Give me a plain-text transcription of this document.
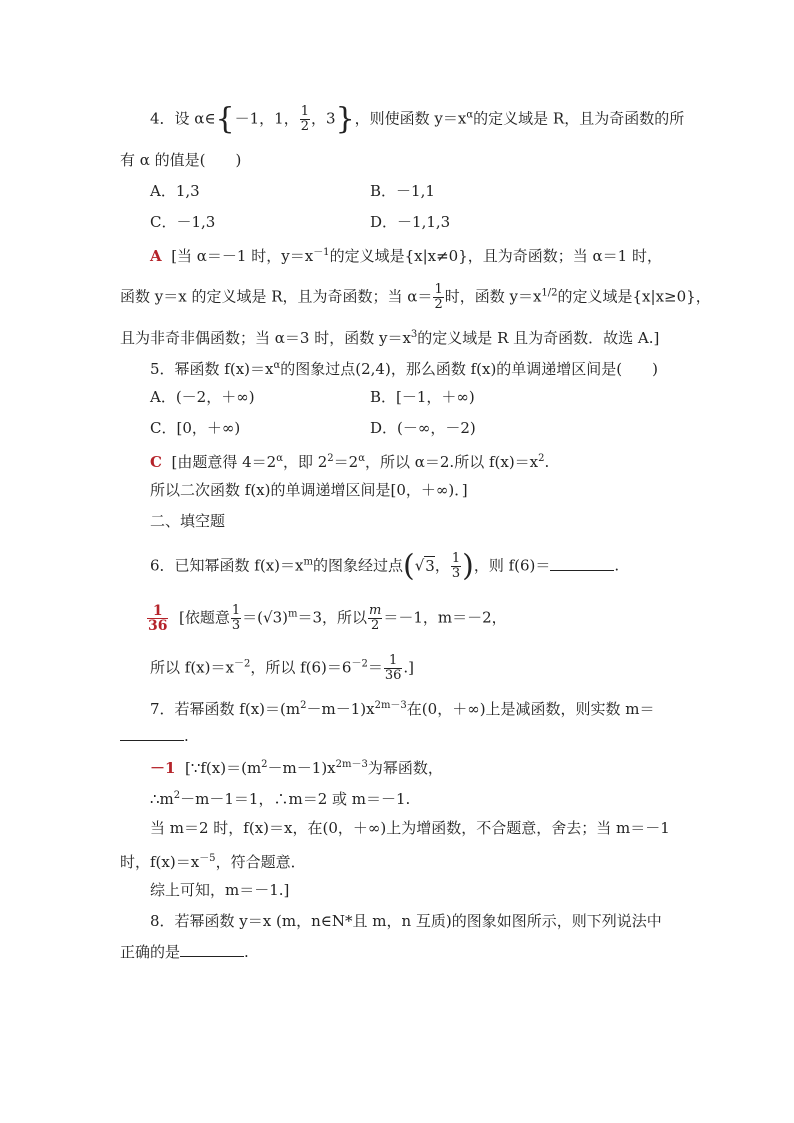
4．设 α∈{－1，1， $\frac{1}{2}$ ，3}，则使函数 $y=x^\alpha$的定义域是 R，且为奇函数的所
有 α 的值是(　　)
A．1,3	B．－1,1
C．－1,3	D．－1,1,3
A [当 α＝－1 时，$y=x^{-1}$的定义域是{x|x≠0}，且为奇函数；当 α＝1 时，
函数 y＝x 的定义域是 R，且为奇函数；当 $\alpha= \frac{1}{2}$ 时，函数 $y=x^{1/2}$的定义域是{x|x≥0}，
且为非奇非偶函数；当 α＝3 时，函数 $y=x^3$的定义域是 R 且为奇函数．故选 A.]
5．幂函数 $f(x)=x^\alpha$的图象过点(2,4)，那么函数 f(x)的单调递增区间是(　　)
A．(－2，＋∞)	B．[－1，＋∞)
C．[0，＋∞)	D．(－∞，－2)
C [由题意得 $4=2^\alpha$，即 $2^2=2^\alpha$，所以 α＝2.所以 $f(x)=x^2$.
所以二次函数 f(x)的单调递增区间是[0，＋∞)．]
二、填空题
6．已知幂函数 $f(x)=x^m$的图象经过点(√3， $\frac{1}{3}$ )，则 f(6)＝	.
$\frac{1}{36}$ [依题意 $\frac{1}{3} =(√3)^m=3$，所以 $\frac{m}{2} =-1$，m＝－2，
所以 $f(x)=x^{-2}$，所以 $f(6)=6^{-2}= \frac{1}{36}$ .]
7．若幂函数 $f(x)=(m^2-m-1)x^{2m-3}$在(0，＋∞)上是减函数，则实数 m＝
.
－1 [$\because f(x)=(m^2-m-1)x^{2m-3}$为幂函数，
$\therefore m^2-m-1=1$，∴m＝2 或 m＝－1.
当 m＝2 时，f(x)＝x，在(0，＋∞)上为增函数，不合题意，舍去；当 m＝－1
时，$f(x)=x^{-5}$，符合题意．
综上可知，m＝－1.]
8．若幂函数 y＝x (m，n∈N*且 m，n 互质)的图象如图所示，则下列说法中
正确的是	.
